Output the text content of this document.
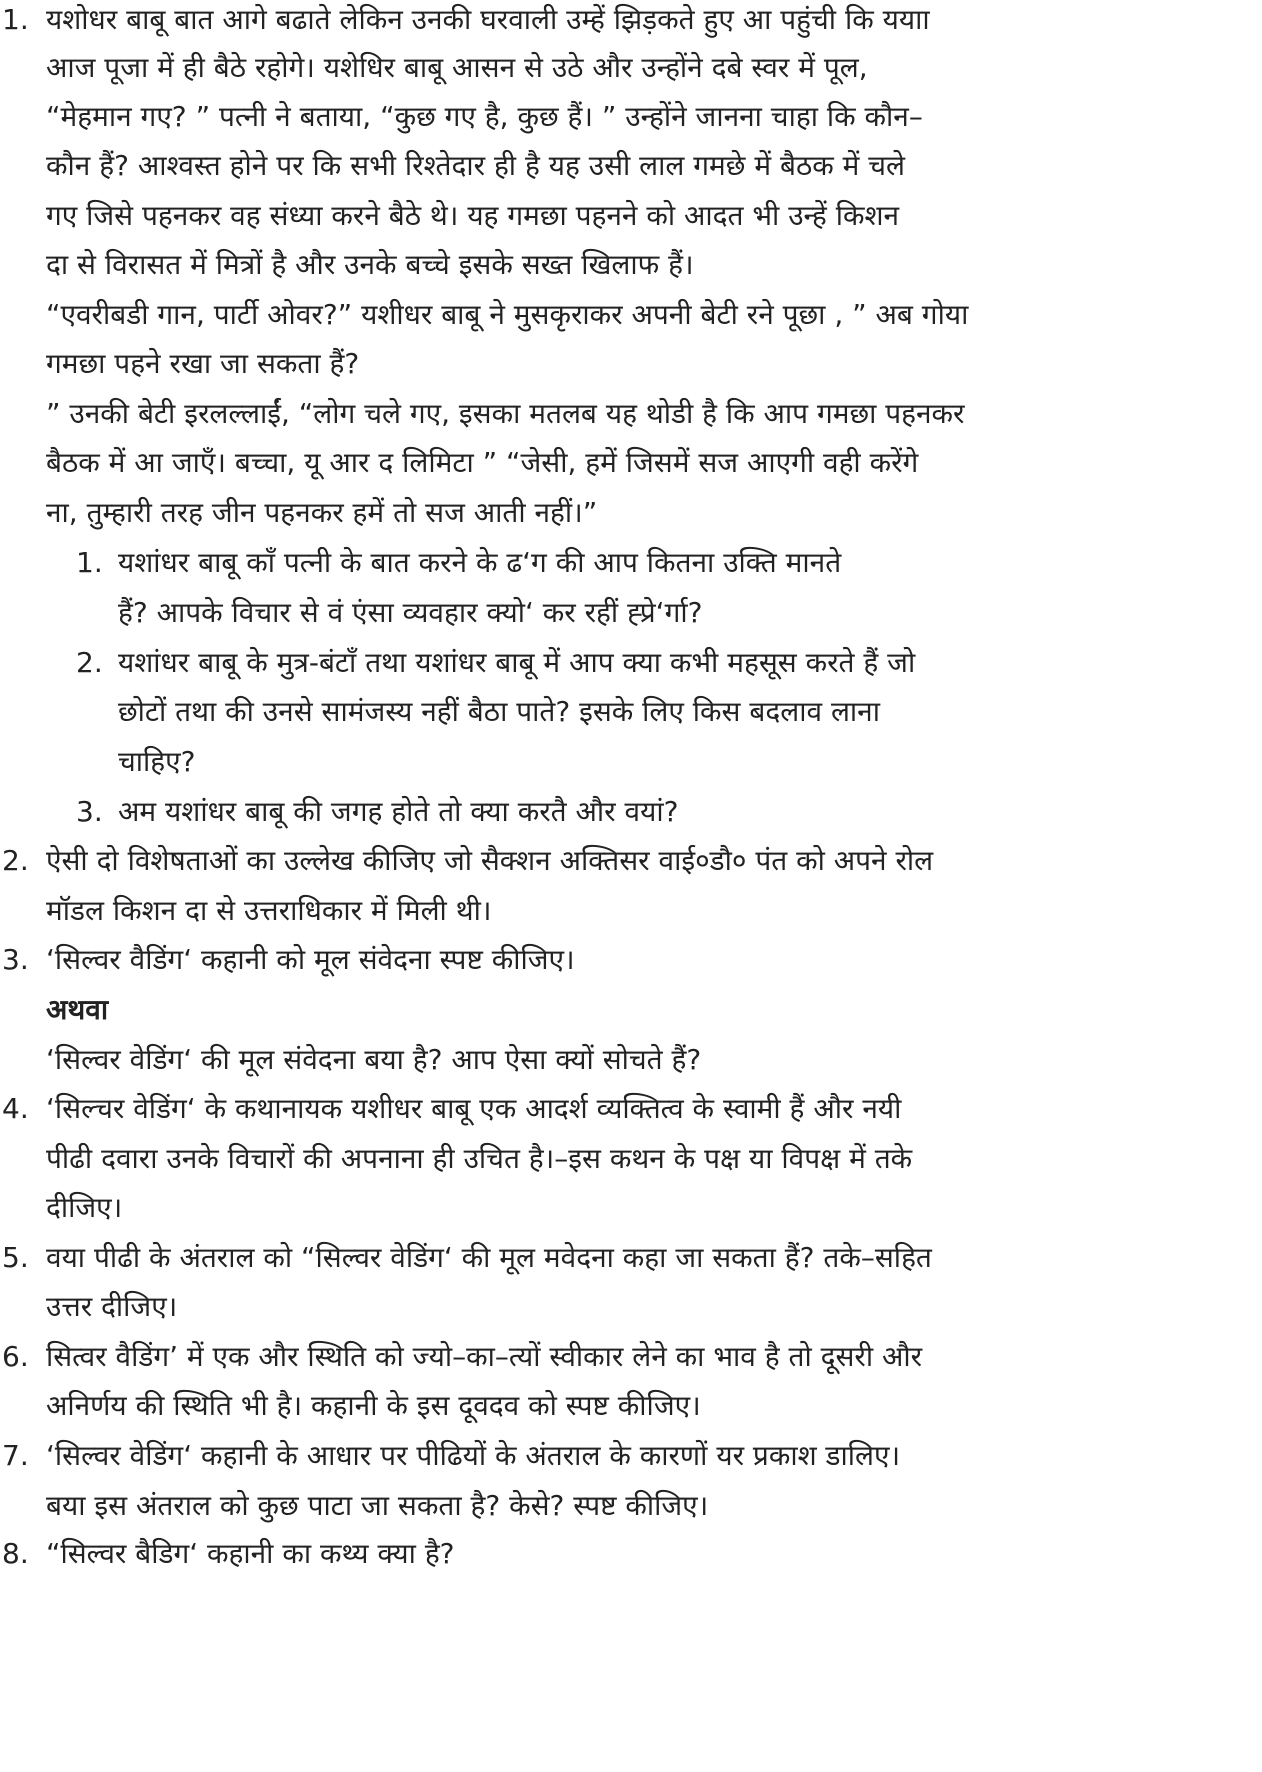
1. यशोधर बाबू बात आगे बढाते लेकिन उनकी घरवाली उम्हें झिड़कते हुए आ पहुंची कि ययाा
आज पूजा में ही बैठे रहोगे। यशेधिर बाबू आसन से उठे और उन्होंने दबे स्वर में पूल,
“मेहमान गए? ” पत्नी ने बताया, “कुछ गए है, कुछ हैं। ” उन्होंने जानना चाहा कि कौन–
कौन हैं? आश्वस्त होने पर कि सभी रिश्तेदार ही है यह उसी लाल गमछे में बैठक में चले
गए जिसे पहनकर वह संध्या करने बैठे थे। यह गमछा पहनने को आदत भी उन्हें किशन
दा से विरासत में मित्रों है और उनके बच्चे इसके सख्त खिलाफ हैं।
“एवरीबडी गान, पार्टी ओवर?” यशीधर बाबू ने मुसकृराकर अपनी बेटी रने पूछा , ” अब गोया
गमछा पहने रखा जा सकता हैं?
” उनकी बेटी इरलल्लाईं, “लोग चले गए, इसका मतलब यह थोडी है कि आप गमछा पहनकर
बैठक में आ जाएँ। बच्चा, यू आर द लिमिटा ” “जेसी, हमें जिसमें सज आएगी वही करेंगे
ना, तुम्हारी तरह जीन पहनकर हमें तो सज आती नहीं।”
1. यशांधर बाबू काँ पत्नी के बात करने के ढ‘ग की आप कितना उक्ति मानते
हैं? आपके विचार से वं एंसा व्यवहार क्यो‘ कर रहीं ह्प्रे‘र्गा?
2. यशांधर बाबू के मुत्र-बंटाँ तथा यशांधर बाबू में आप क्या कभी महसूस करते हैं जो
छोटों तथा की उनसे सामंजस्य नहीं बैठा पाते? इसके लिए किस बदलाव लाना
चाहिए?
3. अम यशांधर बाबू की जगह होते तो क्या करतै और वयां?
2. ऐसी दो विशेषताओं का उल्लेख कीजिए जो सैक्शन अक्तिसर वाई०डौ० पंत को अपने रोल
मॉडल किशन दा से उत्तराधिकार में मिली थी।
3. ‘सिल्वर वैडिंग‘ कहानी को मूल संवेदना स्पष्ट कीजिए।
अथवा
‘सिल्वर वेडिंग‘ की मूल संवेदना बया है? आप ऐसा क्यों सोचते हैं?
4. ‘सिल्चर वेडिंग‘ के कथानायक यशीधर बाबू एक आदर्श व्यक्तित्व के स्वामी हैं और नयी
पीढी दवारा उनके विचारों की अपनाना ही उचित है।–इस कथन के पक्ष या विपक्ष में तके
दीजिए।
5. वया पीढी के अंतराल को “सिल्वर वेडिंग‘ की मूल मवेदना कहा जा सकता हैं? तके–सहित
उत्तर दीजिए।
6. सित्वर वैडिंग’ में एक और स्थिति को ज्यो–का–त्यों स्वीकार लेने का भाव है तो दूसरी और
अनिर्णय की स्थिति भी है। कहानी के इस दूवदव को स्पष्ट कीजिए।
7. ‘सिल्वर वेडिंग‘ कहानी के आधार पर पीढियों के अंतराल के कारणों यर प्रकाश डालिए।
बया इस अंतराल को कुछ पाटा जा सकता है? केसे? स्पष्ट कीजिए।
8. “सिल्वर बैडिग‘ कहानी का कथ्य क्या है?
